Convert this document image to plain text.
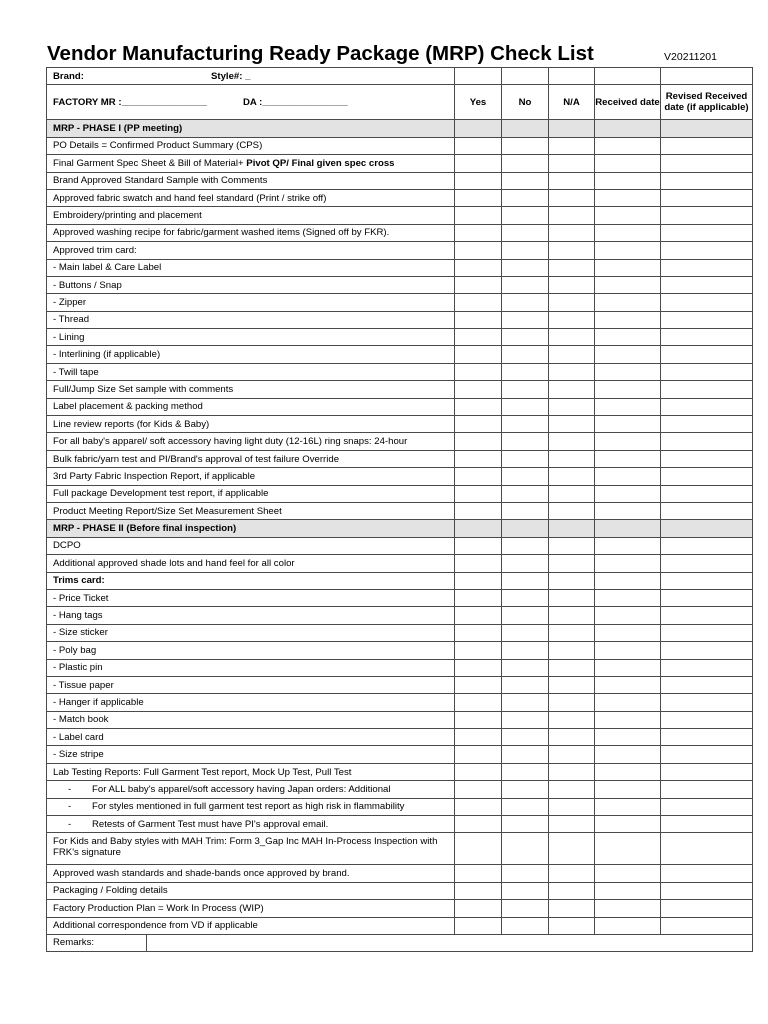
Vendor Manufacturing Ready Package (MRP) Check List	V20211201
Brand: Style#: _					
FACTORY MR :________________ DA :________________	Yes	No	N/A	Received date	Revised Received date (if applicable)
MRP - PHASE I (PP meeting)					
PO Details = Confirmed Product Summary (CPS)					
Final Garment Spec Sheet & Bill of Material+ Pivot QP/ Final given spec cross					
Brand Approved Standard Sample with Comments					
Approved fabric swatch and hand feel standard (Print / strike off)					
Embroidery/printing and placement					
Approved washing recipe for fabric/garment washed items (Signed off by FKR).					
Approved trim card:					
- Main label & Care Label					
- Buttons / Snap					
- Zipper					
- Thread					
- Lining					
- Interlining (if applicable)					
- Twill tape					
Full/Jump Size Set sample with comments					
Label placement & packing method					
Line review reports (for Kids & Baby)					
For all baby's apparel/ soft accessory having light duty (12-16L) ring snaps: 24-hour					
Bulk fabric/yarn test and PI/Brand's approval of test failure Override					
3rd Party Fabric Inspection Report, if applicable					
Full package Development test report, if applicable					
Product Meeting Report/Size Set Measurement Sheet					
MRP - PHASE II (Before final inspection)					
DCPO					
Additional approved shade lots and hand feel for all color					
Trims card:					
- Price Ticket					
- Hang tags					
- Size sticker					
- Poly bag					
- Plastic pin					
- Tissue paper					
- Hanger if applicable					
- Match book					
- Label card					
- Size stripe					
Lab Testing Reports: Full Garment Test report, Mock Up Test, Pull Test					
- For ALL baby's apparel/soft accessory having Japan orders: Additional					
- For styles mentioned in full garment test report as high risk in flammability					
- Retests of Garment Test must have PI's approval email.					
For Kids and Baby styles with MAH Trim: Form 3_Gap Inc MAH In-Process Inspection with FRK's signature					
Approved wash standards and shade-bands once approved by brand.					
Packaging / Folding details					
Factory Production Plan = Work In Process (WIP)					
Additional correspondence from VD if applicable					

Remarks:					
